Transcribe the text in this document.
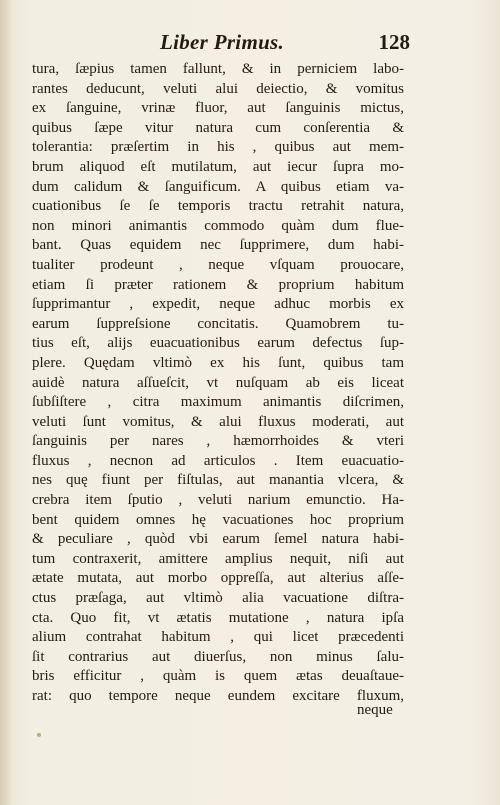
Liber Primus.	128
tura, ſæpius tamen fallunt, & in perniciem labo-
rantes deducunt, veluti alui deiectio, & vomitus
ex ſanguine, vrinæ fluor, aut ſanguinis mictus,
quibus ſæpe vitur natura cum conſerentia &
tolerantia: præſertim in his , quibus aut mem-
brum aliquod eſt mutilatum, aut iecur ſupra mo-
dum calidum & ſanguificum. A quibus etiam va-
cuationibus ſe ſe temporis tractu retrahit natura,
non minori animantis commodo quàm dum flue-
bant. Quas equidem nec ſupprimere, dum habi-
tualiter prodeunt , neque vſquam prouocare,
etiam ſi præter rationem & proprium habitum
ſupprimantur , expedit, neque adhuc morbis ex
earum ſuppreſsione concitatis. Quamobrem tu-
tius eſt, alijs euacuationibus earum defectus ſup-
plere. Quędam vltimò ex his ſunt, quibus tam
auidè natura aſſueſcit, vt nuſquam ab eis liceat
ſubſiſtere , citra maximum animantis diſcrimen,
veluti ſunt vomitus, & alui fluxus moderati, aut
ſanguinis per nares , hæmorrhoides & vteri
fluxus , necnon ad articulos . Item euacuatio-
nes quę fiunt per fiſtulas, aut manantia vlcera, &
crebra item ſputio , veluti narium emunctio. Ha-
bent quidem omnes hę vacuationes hoc proprium
& peculiare , quòd vbi earum ſemel natura habi-
tum contraxerit, amittere amplius nequit, niſi aut
ætate mutata, aut morbo oppreſſa, aut alterius aſſe-
ctus præſaga, aut vltimò alia vacuatione diſtra-
cta. Quo fit, vt ætatis mutatione , natura ipſa
alium contrahat habitum , qui licet præcedenti
ſit contrarius aut diuerſus, non minus ſalu-
bris efficitur , quàm is quem ætas deuaſtaue-
rat: quo tempore neque eundem excitare fluxum,
neque
